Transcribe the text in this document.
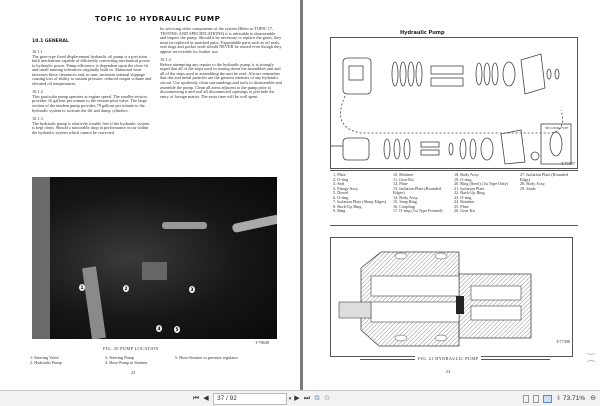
TOPIC 10 HYDRAULIC PUMP
10.1 GENERAL

10.1.1
The gear-type fixed displacement hydraulic oil pump is a precision built mechanism capable of efficiently converting mechanical power to hydraulic power. Pump efficiency is dependent upon the close fit and small running tolerances originally built in. Abnormal wear increases these clearances and, in turn, increases internal slippage causing loss of ability to sustain pressure, reduced output volume and elevated oil temperatures.

10.1.2
This particular pump operates at engine speed. The smaller section provides 16 gallons per minute to the remote pilot valve. The large section of the tandem pump provides 79 gallons per minute to the hydraulic system to activate the lift and dump cylinders.

10.1.3
The hydraulic pump is relatively trouble free if the hydraulic system is kept clean. Should a noticeable drop in performance occur within the hydraulic system which cannot be corrected

by servicing other components of the system (Refer to TOPIC 17, TESTING AND SPECIFICATIONS) it is advisable to disassemble and inspect the pump. Should it be necessary to replace the gears, they must be replaced in matched pairs. Expendable parts such as oil seals, seal rings and pocket seals should NEVER be reused even though they appear serviceable for further use.

10.1.4
Before attempting any repairs to the hydraulic pump, it is strongly urged that all of the steps used in tearing down the assembled unit and all of the steps used in assembling the unit be read. Always remember that dirt and metal particles are the greatest enemies of any hydraulic circuit. Use spotlessly clean surroundings and tools to disassemble and assemble the pump. Clean all areas adjacent to the pump prior to disconnecting it and seal all disconnected openings to preclude the entry of foreign matter. The extra time will be well spent.

1	2	3
4	5
T-78638
FIG. 20 PUMP LOCATION
1. Steering Valve
2. Hydraulic Pump
3. Steering Pump
4. Hose-Pump to Strainer
5. Hose-Strainer to pressure regulator
23
Hydraulic Pump
SECOND TYPE
T-77387
1. Plate
2. O-ring
3. Seal
4. Flange Assy.
5. Dowel
6. O-ring
7. Isolation Plate (Sharp Edges)
8. Back-Up Ring
9. Ring
10. Retainer
11. Gear Kit
12. Plate
13. Isolation Plate (Rounded Edges)
14. Body Assy.
15. Snap Ring
16. Coupling
17. O-ring (1st Type Formed)
18. Body Assy.
19. O-ring
20. Ring (Steel) (1st Type Only)
21. Isolation Plate
22. Back-Up Ring
23. O-ring
24. Retainer
25. Plate
26. Gear Kit
27. Isolation Plate (Rounded Edge)
28. Body Assy.
29. Studs
T-77398
FIG. 21 HYDRAULIC PUMP
24
⏮ ◀	37 / 92	▾ ▶ ⏭ ⧉ ⧉	⇟ 73.71% ⊖
